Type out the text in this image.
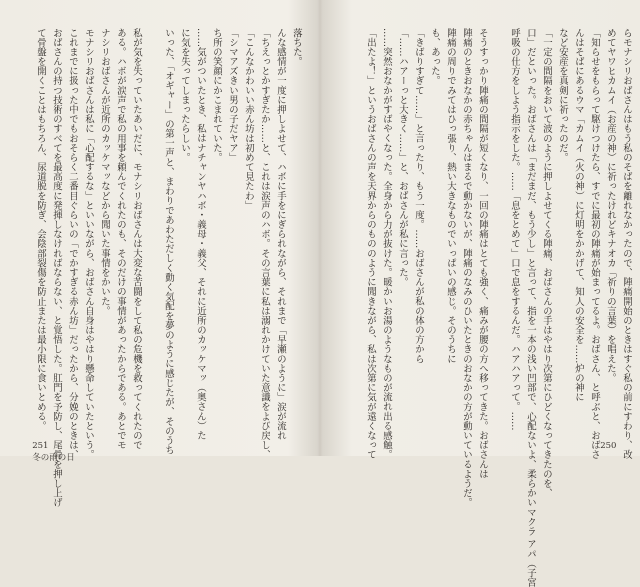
落ちた。
んな感情が一度に押しよせて、ハボに手をにぎられながら、それまで「早瀬のように」涙が流れ
「ちえっとかすぎたか……と、これは涙声のハボ。その言葉に私は溺れかけていた意識をよび戻し、
「こんなかわいい赤ん坊は初めて見たわ」
「シマアズきい男の子だヤア」
ち所の笑顔にかこまれていた。
……気がついたとき、私はナチャンヤハボ・義母・義父、それに近所のカッケマッ（奥さん）た
に気を失ってしまったらしい。
いった、「オギャー」の第一声と、まわりであわただしく動く気配を夢のように感じたが、そのうち

私が気を失っていたあいだに、モナシリおばさんは大変な苦闘をして私の危機を救ってくれたので
ある。ハボが涙声で私の用事を頼んでくれたのも、そのだけの事情があったからである。あとでモ
ナシリおばさんが近所のカッケマッなどから聞いた事情をかいた。
モナシリおばさんは私に「心配するな」といいながら、おばさん自身はやはり懸命していたという。
これまでに扱った中でもおそらく二番目ぐらいの「でかすぎる赤ん坊」だったから、分娩のときは、
おばさんの持つ技術のすべてを最高度に発揮しなければならない、と覚悟した。肛門を予防し、尾骨を押し上げ
て骨盤を開くことはもちろん、尿道脱を防ぎ、会陰部裂傷を防止または最小限に食いとめる。

251
冬の雨の日
	らモナシリおばさんはもう私のそばを離れなかったので、陣痛開始のときはすぐ私の前にすわり、改
めてヤワヒカムイ（お産の神）に祈ったけれどキナオカ「祈りの言葉）を唱えた。
「知らせをもらって駆けつけたら、すでに最初の陣痛が始まってるよ。おばさん、と呼ぶと、おばさ
んはそばにあるウマ「カムイ（火の神）に灯明をかかげて、知人の安全を……炉の神に
など安産を真剣に祈ったのだ。
「一定の間隔をおいて波のように押しよせてくる陣痛、おばさんの手はやはり次第にひどくなってきたのを、
口」だといった。おばさんは「まだまだ、もう少し」と言って、指を一本の浅い凹部で、心配ないよ、柔らかいマクラ アパ（子宮
呼吸の仕方をしよう指示をした。……「息をとめて」口で息をするんだ。ハアハアって。……

そうすっかり陣痛の間隔が短くなり、一回の陣痛はとても強く、痛みが腰の方へ移ってきた。おばさんは
陣痛のときおなかの赤ちゃんはまるで動かないが、陣痛のなみのひいたときのおなかの方が動いているようだ。
陣痛の周りでみてはひっ張り、熱い大きなものでいっぱいの感じ。そのうちに
も、あった。
「きばりすぎて……」と言ったり、もう一度。……おばさんが私の体の方から
「……ハアーっと大きく……」と、おばさんが私に言った。
……突然おなかがすばやくなった。全身から力が抜けた。暖かいお湯のようなものが流れ出る感触。
「出たよ！」というおばさんの声を天界からのもののように聞きながら、私は次第に気が遠くなって	250
